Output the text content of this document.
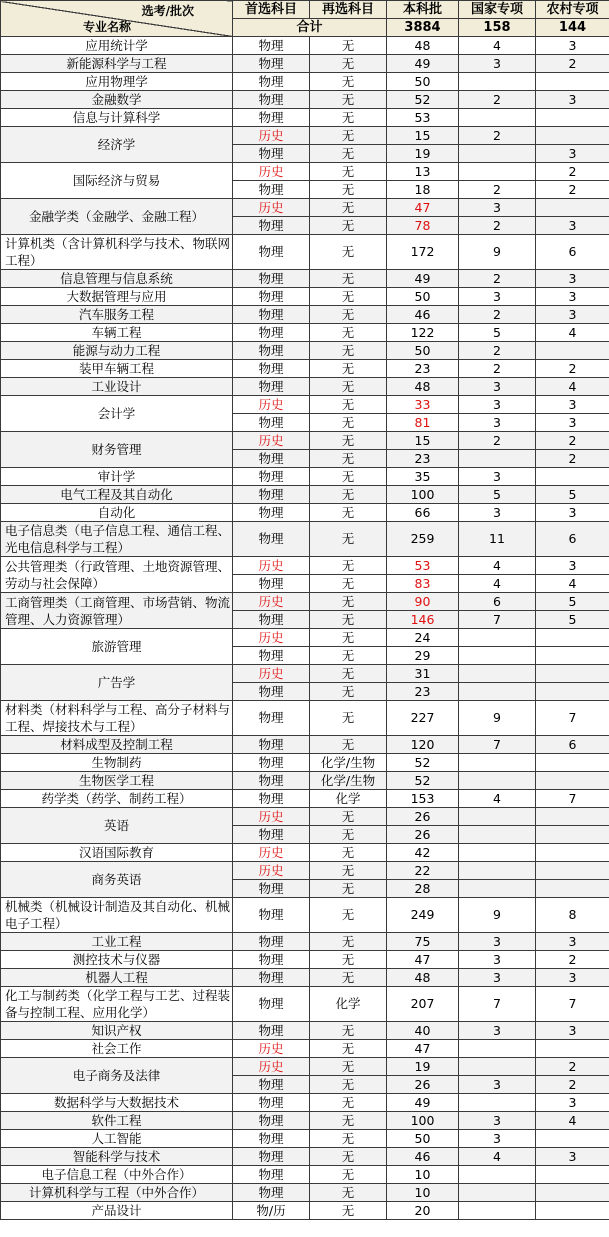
选考/批次
专业名称	首选科目	再选科目	本科批	国家专项	农村专项
	合计		3884	158	144
应用统计学	物理	无	48	4	3
新能源科学与工程	物理	无	49	3	2
应用物理学	物理	无	50		
金融数学	物理	无	52	2	3
信息与计算科学	物理	无	53		
经济学	历史	无	15	2	
	物理	无	19		3
国际经济与贸易	历史	无	13		2
	物理	无	18	2	2
金融学类（金融学、金融工程）	历史	无	47	3	
	物理	无	78	2	3
计算机类（含计算机科学与技术、物联网工程）	物理	无	172	9	6
信息管理与信息系统	物理	无	49	2	3
大数据管理与应用	物理	无	50	3	3
汽车服务工程	物理	无	46	2	3
车辆工程	物理	无	122	5	4
能源与动力工程	物理	无	50	2	
装甲车辆工程	物理	无	23	2	2
工业设计	物理	无	48	3	4
会计学	历史	无	33	3	3
	物理	无	81	3	3
财务管理	历史	无	15	2	2
	物理	无	23		2
审计学	物理	无	35	3	
电气工程及其自动化	物理	无	100	5	5
自动化	物理	无	66	3	3
电子信息类（电子信息工程、通信工程、光电信息科学与工程）	物理	无	259	11	6
公共管理类（行政管理、土地资源管理、劳动与社会保障）	历史	无	53	4	3
	物理	无	83	4	4
工商管理类（工商管理、市场营销、物流管理、人力资源管理）	历史	无	90	6	5
	物理	无	146	7	5
旅游管理	历史	无	24		
	物理	无	29		
广告学	历史	无	31		
	物理	无	23		
材料类（材料科学与工程、高分子材料与工程、焊接技术与工程）	物理	无	227	9	7
材料成型及控制工程	物理	无	120	7	6
生物制药	物理	化学/生物	52		
生物医学工程	物理	化学/生物	52		
药学类（药学、制药工程）	物理	化学	153	4	7
英语	历史	无	26		
	物理	无	26		
汉语国际教育	历史	无	42		
商务英语	历史	无	22		
	物理	无	28		
机械类（机械设计制造及其自动化、机械电子工程）	物理	无	249	9	8
工业工程	物理	无	75	3	3
测控技术与仪器	物理	无	47	3	2
机器人工程	物理	无	48	3	3
化工与制药类（化学工程与工艺、过程装备与控制工程、应用化学）	物理	化学	207	7	7
知识产权	物理	无	40	3	3
社会工作	历史	无	47		
电子商务及法律	历史	无	19		2
	物理	无	26	3	2
数据科学与大数据技术	物理	无	49		3
软件工程	物理	无	100	3	4
人工智能	物理	无	50	3	
智能科学与技术	物理	无	46	4	3
电子信息工程（中外合作）	物理	无	10		
计算机科学与工程（中外合作）	物理	无	10		
产品设计	物/历	无	20		
